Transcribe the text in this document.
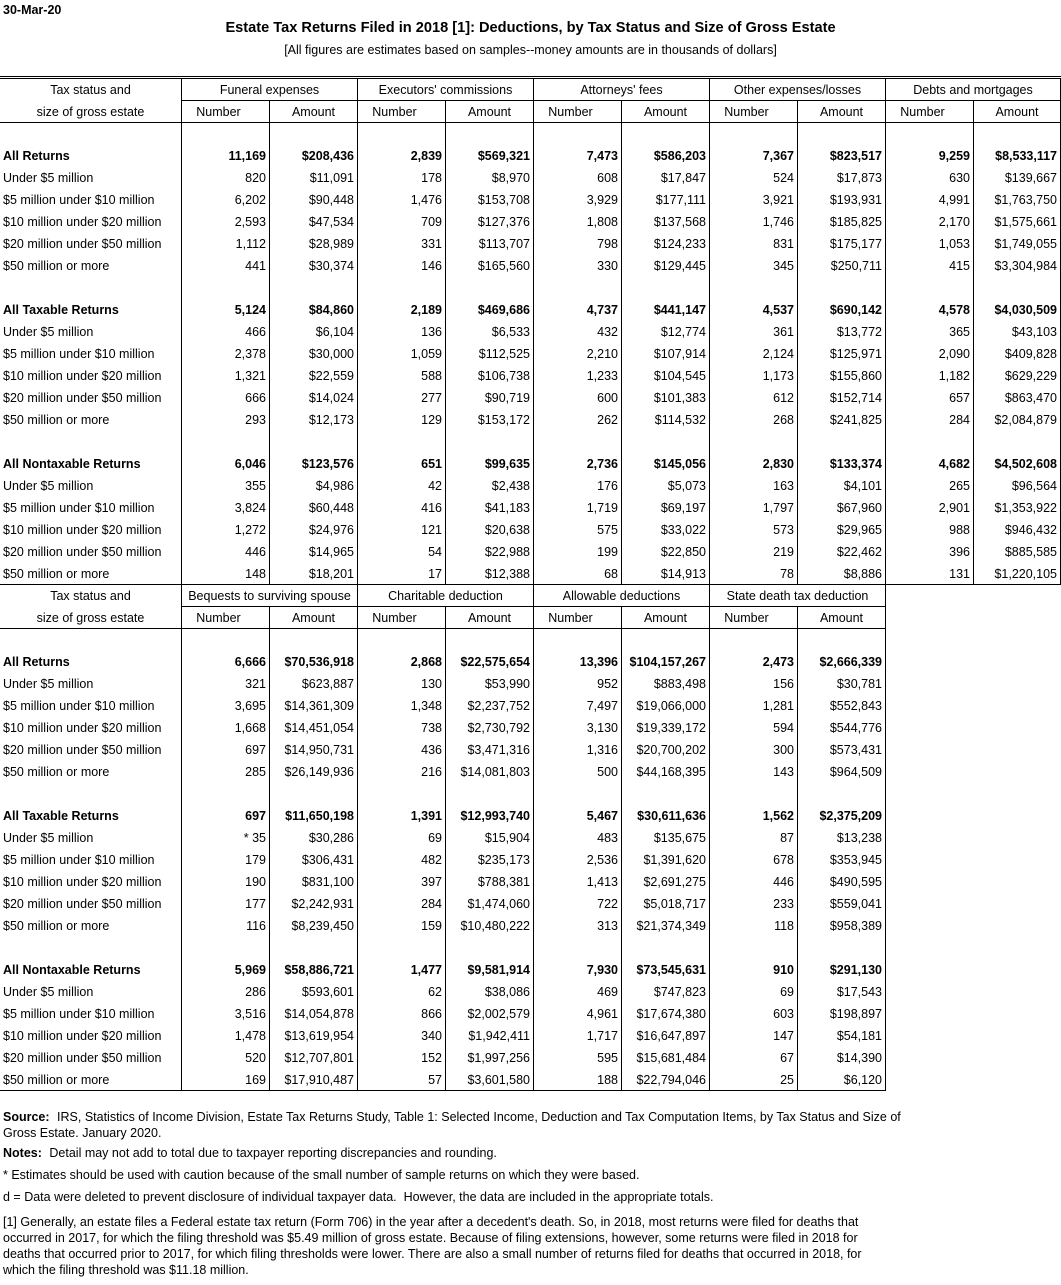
30-Mar-20
Estate Tax Returns Filed in 2018 [1]: Deductions, by Tax Status and Size of Gross Estate
[All figures are estimates based on samples--money amounts are in thousands of dollars]
Tax status and
size of gross estate
Funeral expenses	Executors' commissions	Attorneys' fees	Other expenses/losses	Debts and mortgages
Number	Amount	Number	Amount	Number	Amount	Number	Amount	Number	Amount
All Returns	11,169	$208,436	2,839	$569,321	7,473	$586,203	7,367	$823,517	9,259	$8,533,117
Under $5 million	820	$11,091	178	$8,970	608	$17,847	524	$17,873	630	$139,667
$5 million under $10 million	6,202	$90,448	1,476	$153,708	3,929	$177,111	3,921	$193,931	4,991	$1,763,750
$10 million under $20 million	2,593	$47,534	709	$127,376	1,808	$137,568	1,746	$185,825	2,170	$1,575,661
$20 million under $50 million	1,112	$28,989	331	$113,707	798	$124,233	831	$175,177	1,053	$1,749,055
$50 million or more	441	$30,374	146	$165,560	330	$129,445	345	$250,711	415	$3,304,984
All Taxable Returns	5,124	$84,860	2,189	$469,686	4,737	$441,147	4,537	$690,142	4,578	$4,030,509
Under $5 million	466	$6,104	136	$6,533	432	$12,774	361	$13,772	365	$43,103
$5 million under $10 million	2,378	$30,000	1,059	$112,525	2,210	$107,914	2,124	$125,971	2,090	$409,828
$10 million under $20 million	1,321	$22,559	588	$106,738	1,233	$104,545	1,173	$155,860	1,182	$629,229
$20 million under $50 million	666	$14,024	277	$90,719	600	$101,383	612	$152,714	657	$863,470
$50 million or more	293	$12,173	129	$153,172	262	$114,532	268	$241,825	284	$2,084,879
All Nontaxable Returns	6,046	$123,576	651	$99,635	2,736	$145,056	2,830	$133,374	4,682	$4,502,608
Under $5 million	355	$4,986	42	$2,438	176	$5,073	163	$4,101	265	$96,564
$5 million under $10 million	3,824	$60,448	416	$41,183	1,719	$69,197	1,797	$67,960	2,901	$1,353,922
$10 million under $20 million	1,272	$24,976	121	$20,638	575	$33,022	573	$29,965	988	$946,432
$20 million under $50 million	446	$14,965	54	$22,988	199	$22,850	219	$22,462	396	$885,585
$50 million or more	148	$18,201	17	$12,388	68	$14,913	78	$8,886	131	$1,220,105
Tax status and
size of gross estate
Bequests to surviving spouse	Charitable deduction	Allowable deductions	State death tax deduction
Number	Amount	Number	Amount	Number	Amount	Number	Amount
All Returns	6,666	$70,536,918	2,868	$22,575,654	13,396 $104,157,267	2,473	$2,666,339
Under $5 million	321	$623,887	130	$53,990	952	$883,498	156	$30,781
$5 million under $10 million	3,695	$14,361,309	1,348	$2,237,752	7,497	$19,066,000	1,281	$552,843
$10 million under $20 million	1,668	$14,451,054	738	$2,730,792	3,130	$19,339,172	594	$544,776
$20 million under $50 million	697	$14,950,731	436	$3,471,316	1,316	$20,700,202	300	$573,431
$50 million or more	285	$26,149,936	216	$14,081,803	500	$44,168,395	143	$964,509
All Taxable Returns	697	$11,650,198	1,391	$12,993,740	5,467	$30,611,636	1,562	$2,375,209
Under $5 million	* 35	$30,286	69	$15,904	483	$135,675	87	$13,238
$5 million under $10 million	179	$306,431	482	$235,173	2,536	$1,391,620	678	$353,945
$10 million under $20 million	190	$831,100	397	$788,381	1,413	$2,691,275	446	$490,595
$20 million under $50 million	177	$2,242,931	284	$1,474,060	722	$5,018,717	233	$559,041
$50 million or more	116	$8,239,450	159	$10,480,222	313	$21,374,349	118	$958,389
All Nontaxable Returns	5,969	$58,886,721	1,477	$9,581,914	7,930	$73,545,631	910	$291,130
Under $5 million	286	$593,601	62	$38,086	469	$747,823	69	$17,543
$5 million under $10 million	3,516	$14,054,878	866	$2,002,579	4,961	$17,674,380	603	$198,897
$10 million under $20 million	1,478	$13,619,954	340	$1,942,411	1,717	$16,647,897	147	$54,181
$20 million under $50 million	520	$12,707,801	152	$1,997,256	595	$15,681,484	67	$14,390
$50 million or more	169	$17,910,487	57	$3,601,580	188	$22,794,046	25	$6,120

Source: IRS, Statistics of Income Division, Estate Tax Returns Study, Table 1: Selected Income, Deduction and Tax Computation Items, by Tax Status and Size of Gross Estate. January 2020.

Notes: Detail may not add to total due to taxpayer reporting discrepancies and rounding.

* Estimates should be used with caution because of the small number of sample returns on which they were based.

d = Data were deleted to prevent disclosure of individual taxpayer data.  However, the data are included in the appropriate totals.

[1] Generally, an estate files a Federal estate tax return (Form 706) in the year after a decedent's death. So, in 2018, most returns were filed for deaths that occurred in 2017, for which the filing threshold was $5.49 million of gross estate. Because of filing extensions, however, some returns were filed in 2018 for deaths that occurred prior to 2017, for which filing thresholds were lower. There are also a small number of returns filed for deaths that occurred in 2018, for which the filing threshold was $11.18 million.
